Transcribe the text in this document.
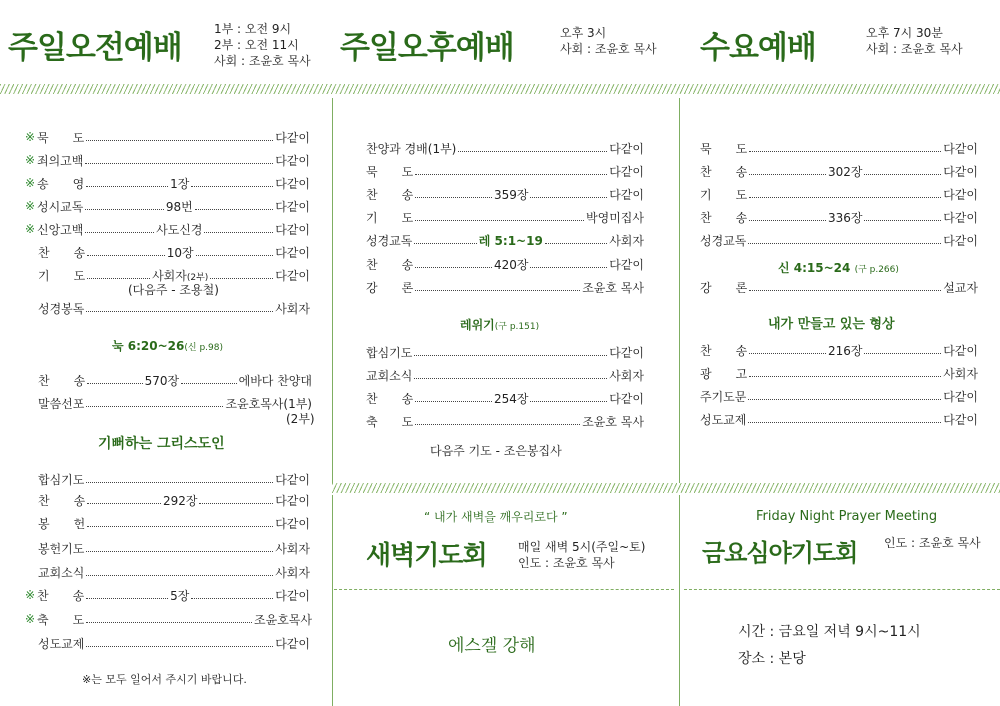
주일오전예배
1부 : 오전 9시
2부 : 오전 11시
사회 : 조윤호 목사 주일오후예배	오후 3시
사회 : 조윤호 목사 수요예배	오후 7시 30분
사회 : 조윤호 목사
※ 묵　　도	다같이
※ 죄의고백	다같이
※ 송　　영	1장	다같이
※ 성시교독	98번	다같이
※ 신앙고백	사도신경	다같이
찬　　송	10장	다같이
기　　도	사회자(2부)	다같이
(다음주 - 조용철)
성경봉독	사회자
눅 6:20~26(신 p.98)
찬　　송	570장	에바다 찬양대
말씀선포	조윤호목사(1부)
(2부)
기뻐하는 그리스도인
합심기도	다같이
찬　　송	292장	다같이
봉　　헌	다같이
봉헌기도	사회자
교회소식	사회자
※ 찬　　송	5장	다같이
※ 축　　도	조윤호목사
성도교제	다같이
※는 모두 일어서 주시기 바랍니다.
찬양과 경배(1부)	다같이
묵　　도	다같이
찬　　송	359장	다같이
기　　도	박영미집사
성경교독	레 5:1~19	사회자
찬　　송	420장	다같이
강　　론	조윤호 목사
레위기(구 p.151)
합심기도	다같이
교회소식	사회자
찬　　송	254장	다같이
축　　도	조윤호 목사
다음주 기도 - 조은봉집사
묵　　도	다같이
찬　　송	302장	다같이
기　　도	다같이
찬　　송	336장	다같이
성경교독	다같이
신 4:15~24 (구 p.266)
강　　론	설교자
내가 만들고 있는 형상
찬　　송	216장	다같이
광　　고	사회자
주기도문	다같이
성도교제	다같이
“ 내가 새벽을 깨우리로다 ”
새벽기도회	매일 새벽 5시(주일~토)
인도 : 조윤호 목사
에스겔 강해
Friday Night Prayer Meeting
금요심야기도회 인도 : 조윤호 목사
시간 : 금요일 저녁 9시~11시
장소 : 본당
